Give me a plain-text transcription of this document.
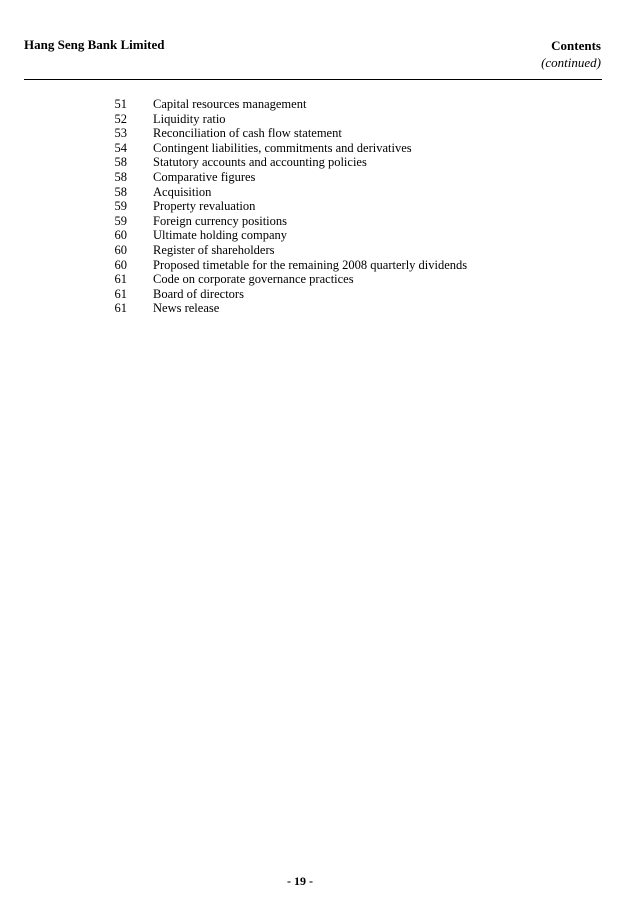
Hang Seng Bank Limited	Contents
(continued)
51 Capital resources management
52 Liquidity ratio
53 Reconciliation of cash flow statement
54 Contingent liabilities, commitments and derivatives
58 Statutory accounts and accounting policies
58 Comparative figures
58 Acquisition
59 Property revaluation
59 Foreign currency positions
60 Ultimate holding company
60 Register of shareholders
60 Proposed timetable for the remaining 2008 quarterly dividends
61 Code on corporate governance practices
61 Board of directors
61 News release
- 19 -
